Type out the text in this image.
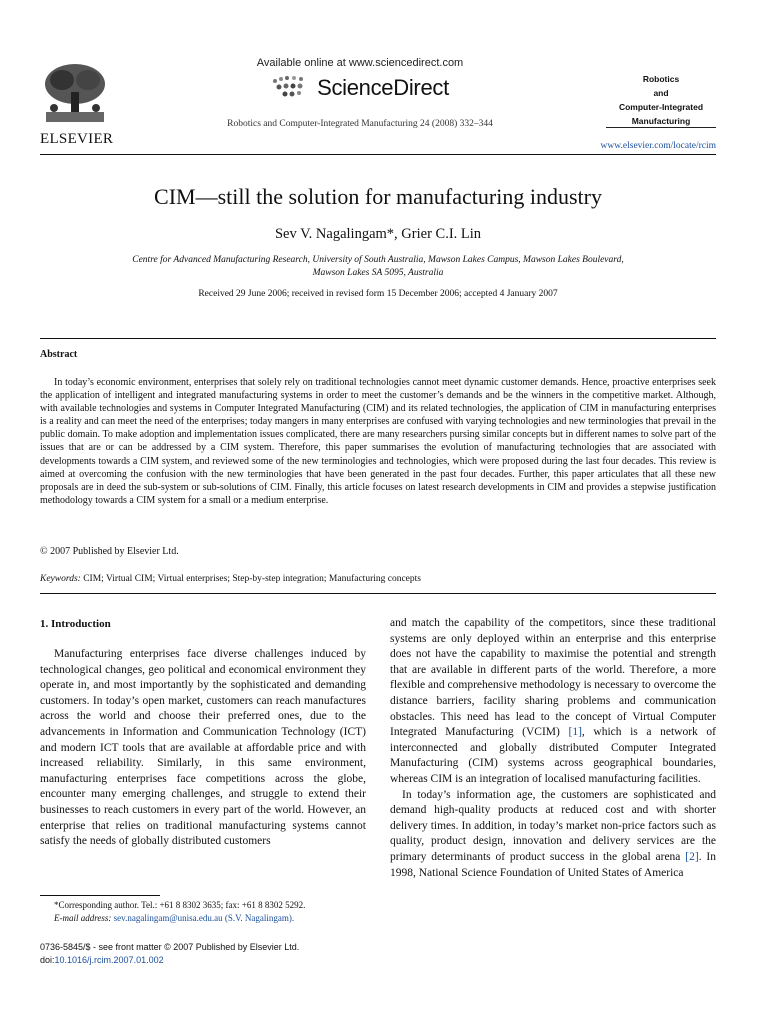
ELSEVIER
Available online at www.sciencedirect.com
ScienceDirect
Robotics and Computer-Integrated Manufacturing 24 (2008) 332–344
Robotics
and
Computer-Integrated
Manufacturing
www.elsevier.com/locate/rcim
CIM—still the solution for manufacturing industry
Sev V. Nagalingam*, Grier C.I. Lin
Centre for Advanced Manufacturing Research, University of South Australia, Mawson Lakes Campus, Mawson Lakes Boulevard,
Mawson Lakes SA 5095, Australia
Received 29 June 2006; received in revised form 15 December 2006; accepted 4 January 2007
Abstract
In today’s economic environment, enterprises that solely rely on traditional technologies cannot meet dynamic customer demands. Hence, proactive enterprises seek the application of intelligent and integrated manufacturing systems in order to meet the customer’s demands and be the winners in the competitive market. Although, with available technologies and systems in Computer Integrated Manufacturing (CIM) and its related technologies, the application of CIM in manufacturing enterprises is a reality and can meet the need of the enterprises; today mangers in many enterprises are confused with varying technologies and new terminologies that prevail in the public domain. To make adoption and implementation issues complicated, there are many researchers pursing similar concepts but in different names to solve part of the issues that are or can be addressed by a CIM system. Therefore, this paper summarises the evolution of manufacturing technologies that are associated with developments towards a CIM system, and reviewed some of the new terminologies and technologies, which were proposed during the last four decades. This review is aimed at overcoming the confusion with the new terminologies that have been generated in the past four decades. Further, this paper articulates that all these new proposals are in deed the sub-system or sub-solutions of CIM. Finally, this article focuses on latest research developments in CIM and provides a stepwise justification methodology towards a CIM system for a small or a medium enterprise.
© 2007 Published by Elsevier Ltd.
Keywords: CIM; Virtual CIM; Virtual enterprises; Step-by-step integration; Manufacturing concepts
1. Introduction
Manufacturing enterprises face diverse challenges induced by technological changes, geo political and economical environment they operate in, and most importantly by the sophisticated and demanding customers. In today’s open market, customers can reach manufactures across the world and choose their preferred ones, due to the advancements in Information and Communication Technology (ICT) and modern ICT tools that are available at affordable price and with increased reliability. Similarly, in this same environment, manufacturing enterprises face competitions across the globe, encounter many emerging challenges, and struggle to extend their businesses to reach customers in every part of the world. However, an enterprise that relies on traditional manufacturing systems cannot satisfy the needs of globally distributed customers

and match the capability of the competitors, since these traditional systems are only deployed within an enterprise and this enterprise does not have the capability to maximise the potential and strength that are available in different parts of the world. Therefore, a more flexible and comprehensive methodology is necessary to overcome the distance barriers, facility sharing problems and communication obstacles. This need has lead to the concept of Virtual Computer Integrated Manufacturing (VCIM) [1], which is a network of interconnected and globally distributed Computer Integrated Manufacturing (CIM) systems across geographical boundaries, whereas CIM is an integration of localised manufacturing facilities.

In today’s information age, the customers are sophisticated and demand high-quality products at reduced cost and with shorter delivery times. In addition, in today’s market non-price factors such as quality, product design, innovation and delivery services are the primary determinants of product success in the global arena [2]. In 1998, National Science Foundation of United States of America

*Corresponding author. Tel.: +61 8 8302 3635; fax: +61 8 8302 5292.
E-mail address: sev.nagalingam@unisa.edu.au (S.V. Nagalingam).
0736-5845/$ - see front matter © 2007 Published by Elsevier Ltd.
doi:10.1016/j.rcim.2007.01.002
